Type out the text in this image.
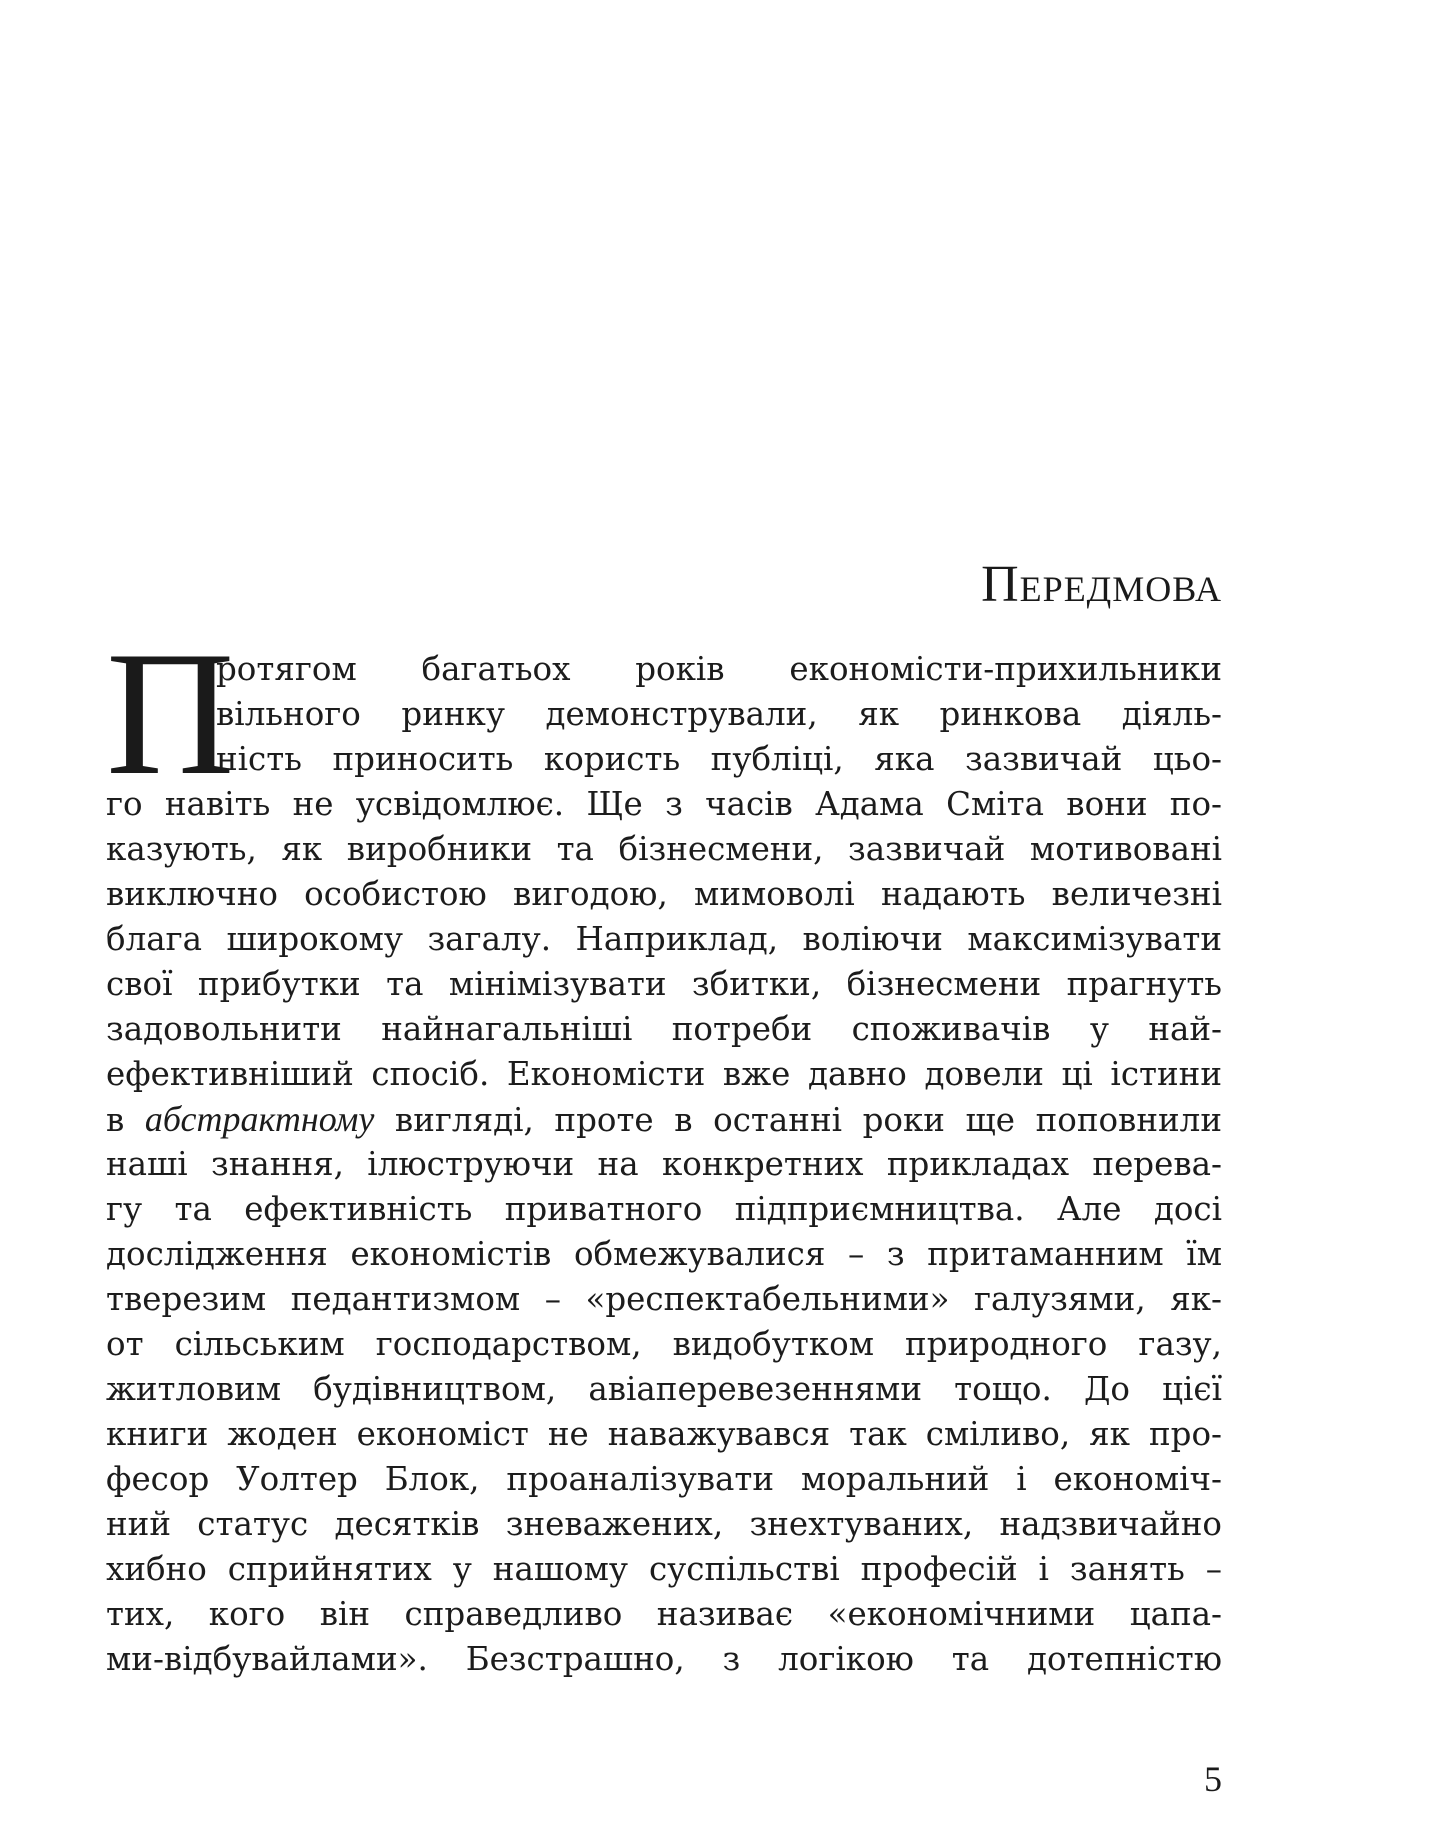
Передмова
П
ротягом багатьох років економісти-прихильники
вільного ринку демонстрували, як ринкова діяль-
ність приносить користь публіці, яка зазвичай цьо-
го навіть не усвідомлює. Ще з часів Адама Сміта вони по-
казують, як виробники та бізнесмени, зазвичай мотивовані
виключно особистою вигодою, мимоволі надають величезні
блага широкому загалу. Наприклад, воліючи максимізувати
свої прибутки та мінімізувати збитки, бізнесмени прагнуть
задовольнити найнагальніші потреби споживачів у най-
ефективніший спосіб. Економісти вже давно довели ці істини
в абстрактному вигляді, проте в останні роки ще поповнили
наші знання, ілюструючи на конкретних прикладах перева-
гу та ефективність приватного підприємництва. Але досі
дослідження економістів обмежувалися – з притаманним їм
тверезим педантизмом – «респектабельними» галузями, як-
от сільським господарством, видобутком природного газу,
житловим будівництвом, авіаперевезеннями тощо. До цієї
книги жоден економіст не наважувався так сміливо, як про-
фесор Уолтер Блок, проаналізувати моральний і економіч-
ний статус десятків зневажених, знехтуваних, надзвичайно
хибно сприйнятих у нашому суспільстві професій і занять –
тих, кого він справедливо називає «економічними цапа-
ми-відбувайлами». Безстрашно, з логікою та дотепністю
5
